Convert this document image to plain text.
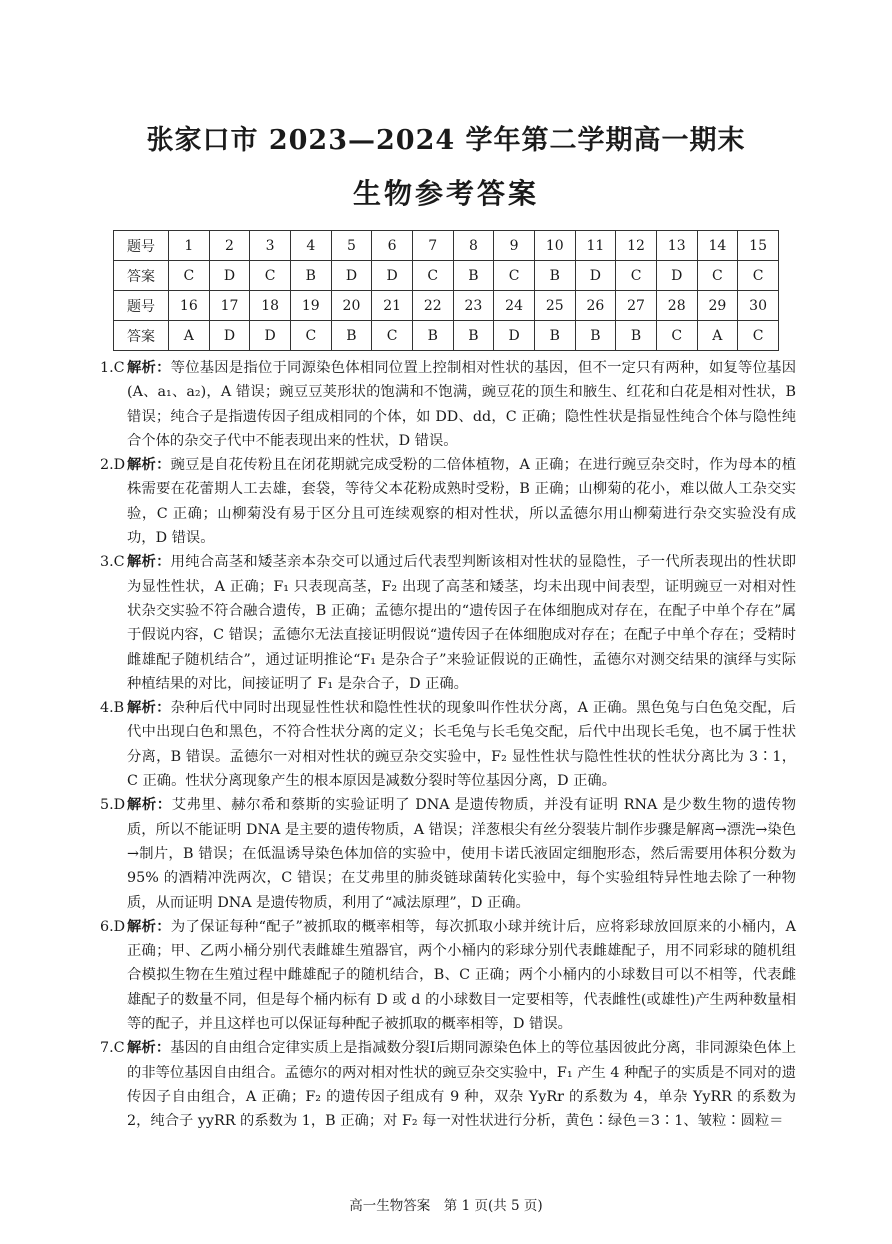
张家口市 2023—2024 学年第二学期高一期末
生物参考答案
题号	1	2	3	4	5	6	7	8	9	10	11	12	13	14	15
答案	C	D	C	B	D	D	C	B	C	B	D	C	D	C	C
题号	16	17	18	19	20	21	22	23	24	25	26	27	28	29	30
答案	A	D	D	C	B	C	B	B	D	B	B	B	C	A	C
1.C 解析：等位基因是指位于同源染色体相同位置上控制相对性状的基因，但不一定只有两种，如复等位基因(A、a₁、a₂)，A 错误；豌豆豆荚形状的饱满和不饱满，豌豆花的顶生和腋生、红花和白花是相对性状，B 错误；纯合子是指遗传因子组成相同的个体，如 DD、dd，C 正确；隐性性状是指显性纯合个体与隐性纯合个体的杂交子代中不能表现出来的性状，D 错误。
2.D 解析：豌豆是自花传粉且在闭花期就完成受粉的二倍体植物，A 正确；在进行豌豆杂交时，作为母本的植株需要在花蕾期人工去雄，套袋，等待父本花粉成熟时受粉，B 正确；山柳菊的花小，难以做人工杂交实验，C 正确；山柳菊没有易于区分且可连续观察的相对性状，所以孟德尔用山柳菊进行杂交实验没有成功，D 错误。
3.C 解析：用纯合高茎和矮茎亲本杂交可以通过后代表型判断该相对性状的显隐性，子一代所表现出的性状即为显性性状，A 正确；F₁ 只表现高茎，F₂ 出现了高茎和矮茎，均未出现中间表型，证明豌豆一对相对性状杂交实验不符合融合遗传，B 正确；孟德尔提出的“遗传因子在体细胞成对存在，在配子中单个存在”属于假说内容，C 错误；孟德尔无法直接证明假说“遗传因子在体细胞成对存在；在配子中单个存在；受精时雌雄配子随机结合”，通过证明推论“F₁ 是杂合子”来验证假说的正确性，孟德尔对测交结果的演绎与实际种植结果的对比，间接证明了 F₁ 是杂合子，D 正确。
4.B 解析：杂种后代中同时出现显性性状和隐性性状的现象叫作性状分离，A 正确。黑色兔与白色兔交配，后代中出现白色和黑色，不符合性状分离的定义；长毛兔与长毛兔交配，后代中出现长毛兔，也不属于性状分离，B 错误。孟德尔一对相对性状的豌豆杂交实验中，F₂ 显性性状与隐性性状的性状分离比为 3∶1，C 正确。性状分离现象产生的根本原因是减数分裂时等位基因分离，D 正确。
5.D 解析：艾弗里、赫尔希和蔡斯的实验证明了 DNA 是遗传物质，并没有证明 RNA 是少数生物的遗传物质，所以不能证明 DNA 是主要的遗传物质，A 错误；洋葱根尖有丝分裂装片制作步骤是解离→漂洗→染色→制片，B 错误；在低温诱导染色体加倍的实验中，使用卡诺氏液固定细胞形态，然后需要用体积分数为 95% 的酒精冲洗两次，C 错误；在艾弗里的肺炎链球菌转化实验中，每个实验组特异性地去除了一种物质，从而证明 DNA 是遗传物质，利用了“减法原理”，D 正确。
6.D 解析：为了保证每种“配子”被抓取的概率相等，每次抓取小球并统计后，应将彩球放回原来的小桶内，A 正确；甲、乙两小桶分别代表雌雄生殖器官，两个小桶内的彩球分别代表雌雄配子，用不同彩球的随机组合模拟生物在生殖过程中雌雄配子的随机结合，B、C 正确；两个小桶内的小球数目可以不相等，代表雌雄配子的数量不同，但是每个桶内标有 D 或 d 的小球数目一定要相等，代表雌性(或雄性)产生两种数量相等的配子，并且这样也可以保证每种配子被抓取的概率相等，D 错误。
7.C 解析：基因的自由组合定律实质上是指减数分裂Ⅰ后期同源染色体上的等位基因彼此分离，非同源染色体上的非等位基因自由组合。孟德尔的两对相对性状的豌豆杂交实验中，F₁ 产生 4 种配子的实质是不同对的遗传因子自由组合，A 正确；F₂ 的遗传因子组成有 9 种，双杂 YyRr 的系数为 4，单杂 YyRR 的系数为 2，纯合子 yyRR 的系数为 1，B 正确；对 F₂ 每一对性状进行分析，黄色∶绿色＝3∶1、皱粒∶圆粒＝
高一生物答案　第 1 页(共 5 页)
